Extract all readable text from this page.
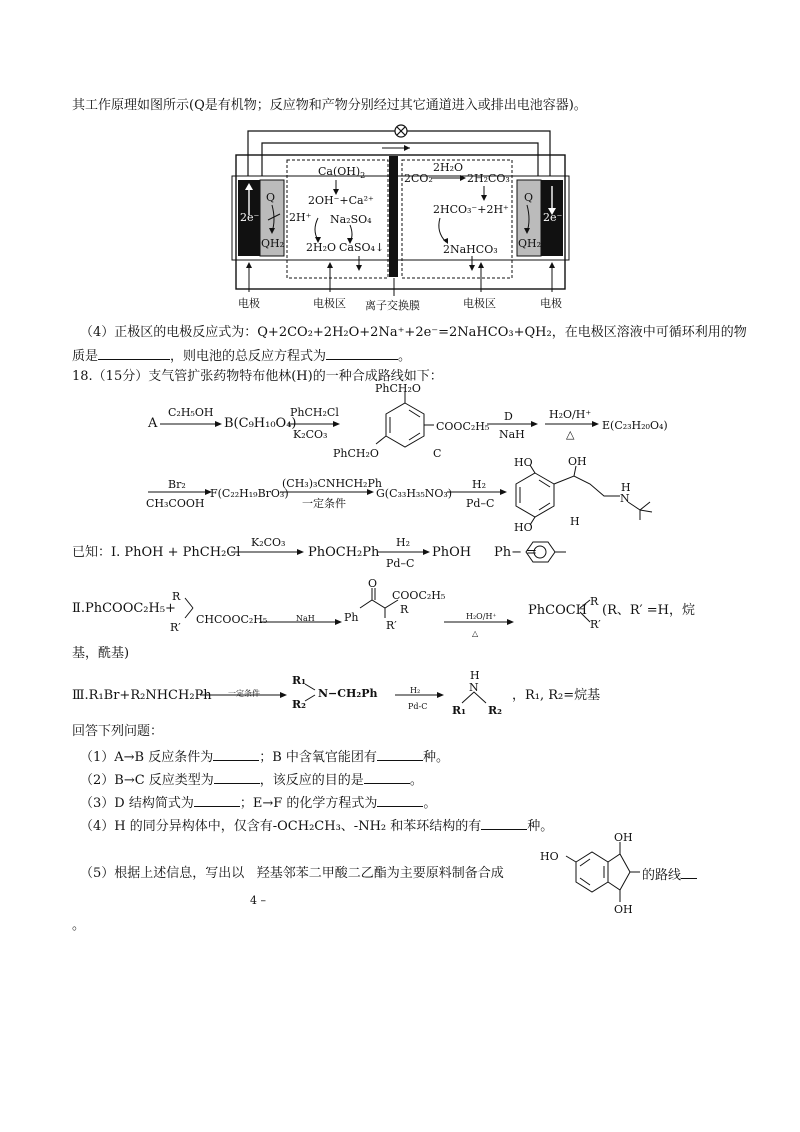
其工作原理如图所示(Q是有机物；反应物和产物分别经过其它通道进入或排出电池容器)。
$Ca(OH)_2$
2OH⁻+Ca²⁺
2H⁺ Na₂SO₄
2H₂O CaSO₄↓
2CO₂
2H₂O
2H₂CO₃
2HCO₃⁻+2H⁺
2NaHCO₃
Q
2e⁻
QH₂
Q
2e⁻
QH₂
电极	电极区 离子交换膜	电极区	电极
（4）正极区的电极反应式为：Q+2CO₂+2H₂O+2Na⁺+2e⁻=2NaHCO₃+QH₂，在电极区溶液中可循环利用的物
质是	，则电池的总反应方程式为	。
18.（15分）支气管扩张药物特布他林(H)的一种合成路线如下：
A
C₂H₅OH
B(C₉H₁₀O₄)
PhCH₂Cl
K₂CO₃
PhCH₂O
PhCH₂O
COOC₂H₅
C
D
NaH
H₂O/H⁺
△
E(C₂₃H₂₀O₄)
Br₂
CH₃COOH
F(C₂₂H₁₉BrO₃)
(CH₃)₃CNHCH₂Ph
一定条件
G(C₃₃H₃₅NO₃)
H₂
Pd–C
HO
HO
OH
H
N
H
已知：Ⅰ. PhOH + PhCH₂Cl
K₂CO₃
PhOCH₂Ph
H₂
Pd–C
PhOH Ph− =
Ⅱ.PhCOOC₂H₅+
R
R′
CHCOOC₂H₅	NaH
O
COOC₂H₅
Ph
R
R′
H₂O/H⁺
△
PhCOCH
R
R′
(R、R′ =H，烷
基，酰基)
Ⅲ.R₁Br+R₂NHCH₂Ph 一定条件
R₁
R₂
N−CH₂Ph	H₂
Pd-C
H
N
R₁ R₂
，R₁, R₂=烷基
回答下列问题：
（1）A→B 反应条件为	；B 中含氧官能团有	种。
（2）B→C 反应类型为	，该反应的目的是	。
（3）D 结构简式为	；E→F 的化学方程式为	。
（4）H 的同分异构体中，仅含有-OCH₂CH₃、-NH₂ 和苯环结构的有	种。
（5）根据上述信息，写出以 羟基邻苯二甲酸二乙酯为主要原料制备合成
HO
OH
OH
的路线
4 –
。
